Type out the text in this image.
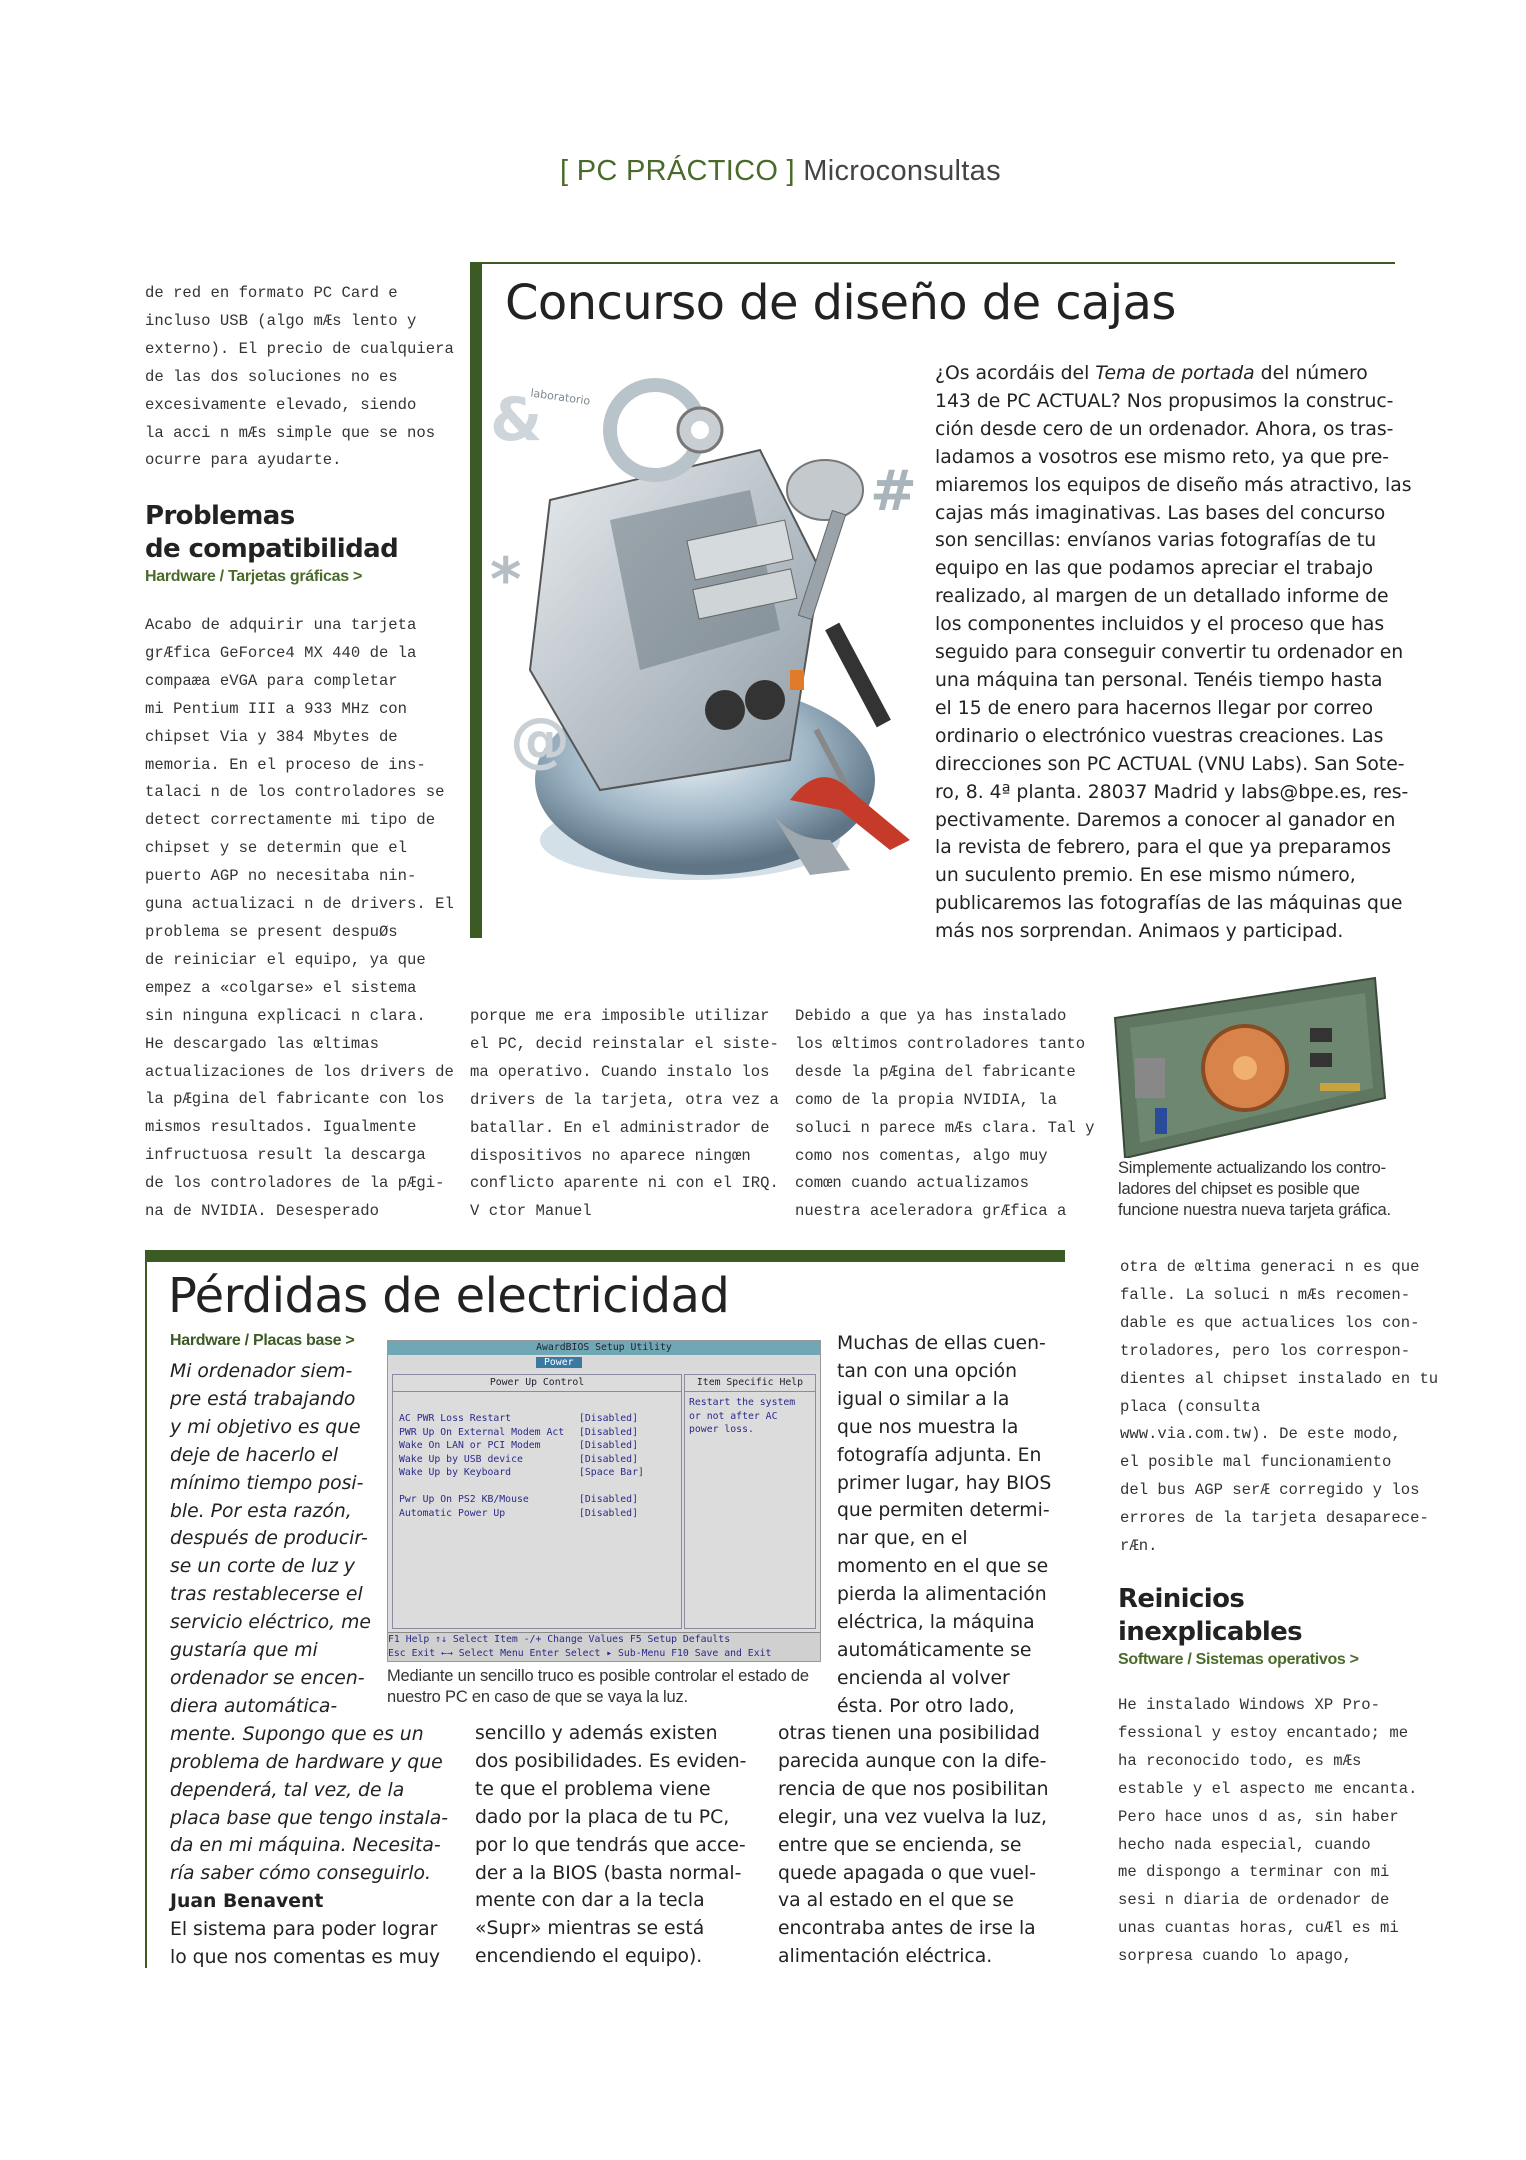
[ PC PRÁCTICO ] Microconsultas
de red en formato PC Card e
incluso USB (algo mÆs lento y
externo). El precio de cualquiera
de las dos soluciones no es
excesivamente elevado, siendo
la acci n mÆs simple que se nos
ocurre para ayudarte.
Problemas
de compatibilidad
Hardware / Tarjetas gráficas >
Acabo de adquirir una tarjeta
grÆfica GeForce4 MX 440 de la
compaæa eVGA para completar
mi Pentium III a 933 MHz con
chipset Via y 384 Mbytes de
memoria. En el proceso de ins-
talaci n de los controladores se
detect correctamente mi tipo de
chipset y se determin que el
puerto AGP no necesitaba nin-
guna actualizaci n de drivers. El
problema se present despuØs
de reiniciar el equipo, ya que
empez a «colgarse» el sistema
sin ninguna explicaci n clara.
He descargado las œltimas
actualizaciones de los drivers de
la pÆgina del fabricante con los
mismos resultados. Igualmente
infructuosa result la descarga
de los controladores de la pÆgi-
na de NVIDIA. Desesperado
porque me era imposible utilizar
el PC, decid reinstalar el siste-
ma operativo. Cuando instalo los
drivers de la tarjeta, otra vez a
batallar. En el administrador de
dispositivos no aparece ningœn
conflicto aparente ni con el IRQ.
V ctor Manuel
Debido a que ya has instalado
los œltimos controladores tanto
desde la pÆgina del fabricante
como de la propia NVIDIA, la
soluci n parece mÆs clara. Tal y
como nos comentas, algo muy
comœn cuando actualizamos
nuestra aceleradora grÆfica a
otra de œltima generaci n es que
falle. La soluci n mÆs recomen-
dable es que actualices los con-
troladores, pero los correspon-
dientes al chipset instalado en tu
placa (consulta
www.via.com.tw). De este modo,
el posible mal funcionamiento
del bus AGP serÆ corregido y los
errores de la tarjeta desaparece-
rÆn.
Concurso de diseño de cajas
&
#
*
@
laboratorio
¿Os acordáis del Tema de portada del número
143 de PC ACTUAL? Nos propusimos la construc-
ción desde cero de un ordenador. Ahora, os tras-
ladamos a vosotros ese mismo reto, ya que pre-
miaremos los equipos de diseño más atractivo, las
cajas más imaginativas. Las bases del concurso
son sencillas: envíanos varias fotografías de tu
equipo en las que podamos apreciar el trabajo
realizado, al margen de un detallado informe de
los componentes incluidos y el proceso que has
seguido para conseguir convertir tu ordenador en
una máquina tan personal. Tenéis tiempo hasta
el 15 de enero para hacernos llegar por correo
ordinario o electrónico vuestras creaciones. Las
direcciones son PC ACTUAL (VNU Labs). San Sote-
ro, 8. 4ª planta. 28037 Madrid y labs@bpe.es, res-
pectivamente. Daremos a conocer al ganador en
la revista de febrero, para el que ya preparamos
un suculento premio. En ese mismo número,
publicaremos las fotografías de las máquinas que
más nos sorprendan. Animaos y participad.
Simplemente actualizando los contro-
ladores del chipset es posible que
funcione nuestra nueva tarjeta gráfica.
Pérdidas de electricidad
Hardware / Placas base >
Mi ordenador siem-
pre está trabajando
y mi objetivo es que
deje de hacerlo el
mínimo tiempo posi-
ble. Por esta razón,
después de producir-
se un corte de luz y
tras restablecerse el
servicio eléctrico, me
gustaría que mi
ordenador se encen-
diera automática-
mente. Supongo que es un
problema de hardware y que
dependerá, tal vez, de la
placa base que tengo instala-
da en mi máquina. Necesita-
ría saber cómo conseguirlo.
Juan Benavent
El sistema para poder lograr
lo que nos comentas es muy
sencillo y además existen
dos posibilidades. Es eviden-
te que el problema viene
dado por la placa de tu PC,
por lo que tendrás que acce-
der a la BIOS (basta normal-
mente con dar a la tecla
«Supr» mientras se está
encendiendo el equipo).
otras tienen una posibilidad
parecida aunque con la dife-
rencia de que nos posibilitan
elegir, una vez vuelva la luz,
entre que se encienda, se
quede apagada o que vuel-
va al estado en el que se
encontraba antes de irse la
alimentación eléctrica.
Muchas de ellas cuen-
tan con una opción
igual o similar a la
que nos muestra la
fotografía adjunta. En
primer lugar, hay BIOS
que permiten determi-
nar que, en el
momento en el que se
pierda la alimentación
eléctrica, la máquina
automáticamente se
encienda al volver
ésta. Por otro lado,
AwardBIOS Setup Utility
Power
Power Up Control
AC PWR Loss Restart	[Disabled]
PWR Up On External Modem Act [Disabled]
Wake On LAN or PCI Modem	[Disabled]
Wake Up by USB device	[Disabled]
Wake Up by Keyboard	[Space Bar]
Pwr Up On PS2 KB/Mouse	[Disabled]
Automatic Power Up	[Disabled]
Item Specific Help
Restart the system
or not after AC
power loss.
F1 Help ↑↓ Select Item -/+ Change Values F5 Setup Defaults
Esc Exit ←→ Select Menu Enter Select ▸ Sub-Menu F10 Save and Exit
Mediante un sencillo truco es posible controlar el estado de
nuestro PC en caso de que se vaya la luz.
Reinicios
inexplicables
Software / Sistemas operativos >
He instalado Windows XP Pro-
fessional y estoy encantado; me
ha reconocido todo, es mÆs
estable y el aspecto me encanta.
Pero hace unos d as, sin haber
hecho nada especial, cuando
me dispongo a terminar con mi
sesi n diaria de ordenador de
unas cuantas horas, cuÆl es mi
sorpresa cuando lo apago,
